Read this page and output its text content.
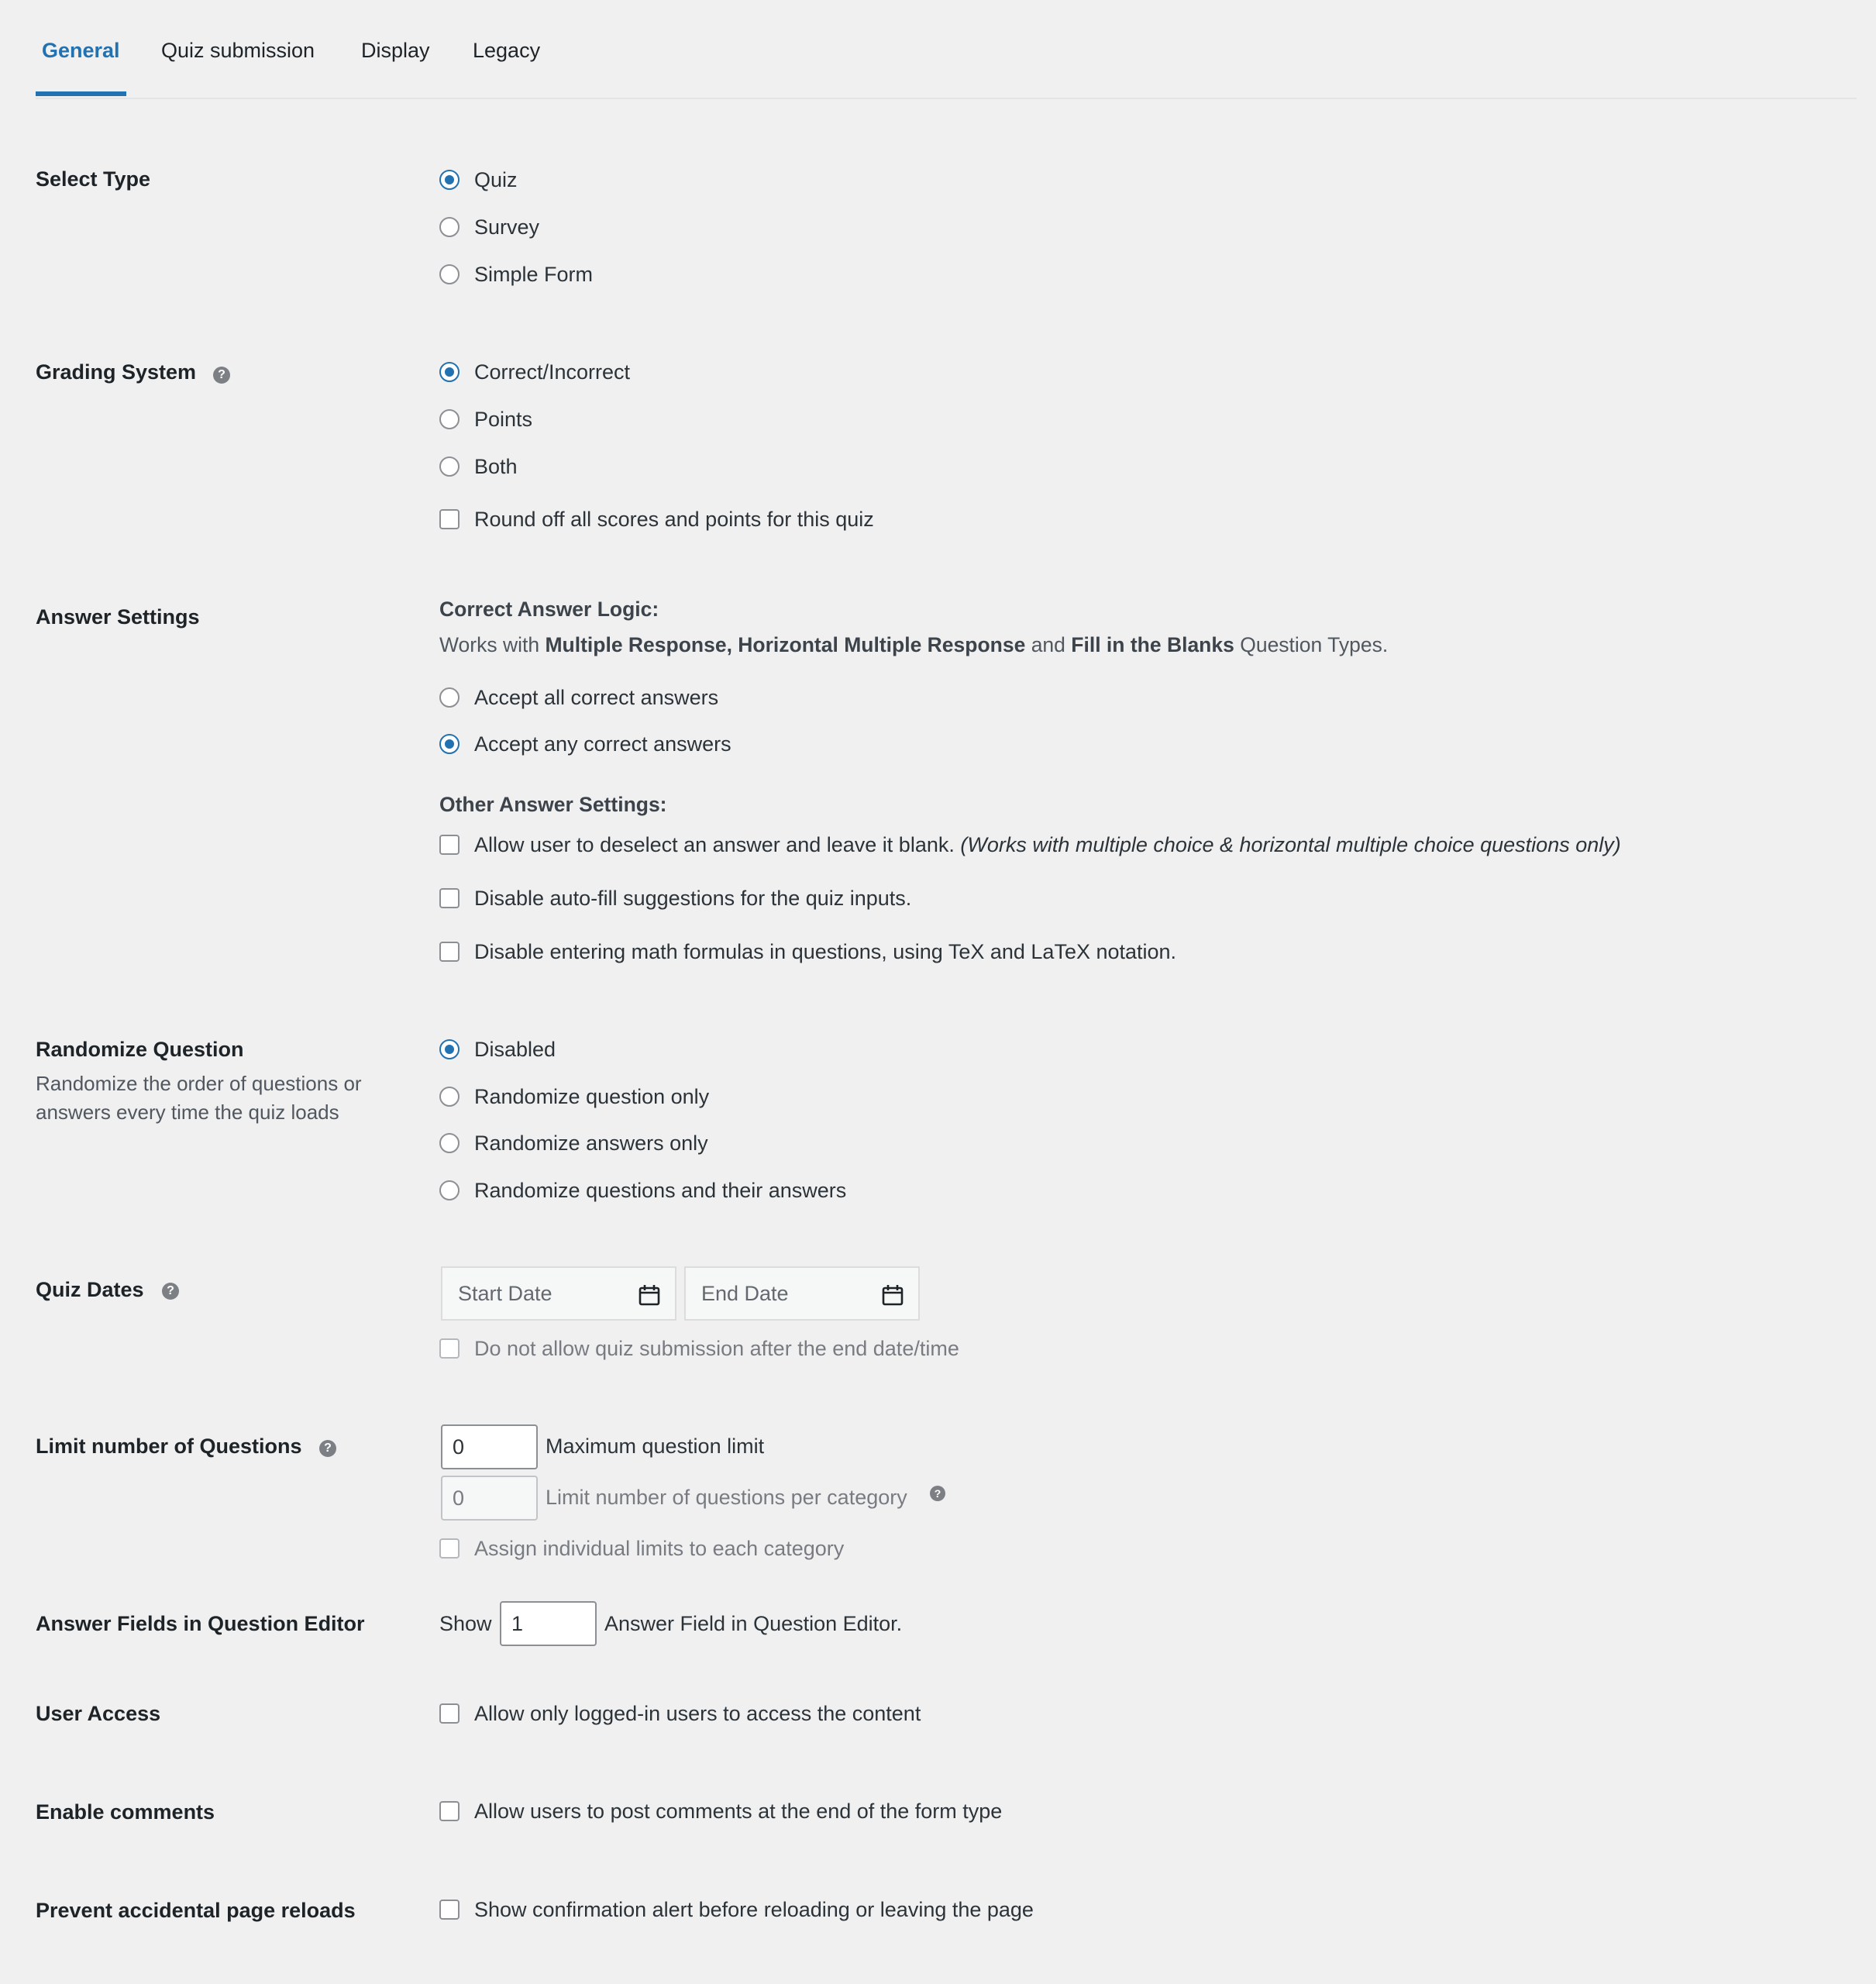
General Quiz submission Display Legacy
Select Type	Quiz
Survey
Simple Form
Grading System	?	Correct/Incorrect
Points
Both
Round off all scores and points for this quiz
Answer Settings	Correct Answer Logic:
Works with Multiple Response, Horizontal Multiple Response and Fill in the Blanks Question Types.
Accept all correct answers
Accept any correct answers
Other Answer Settings:
Allow user to deselect an answer and leave it blank. (Works with multiple choice & horizontal multiple choice questions only)
Disable auto-fill suggestions for the quiz inputs.
Disable entering math formulas in questions, using TeX and LaTeX notation.
Randomize Question
Randomize the order of questions or answers every time the quiz loads
Disabled
Randomize question only
Randomize answers only
Randomize questions and their answers
Quiz Dates	?	Start Date	End Date
Do not allow quiz submission after the end date/time
Limit number of Questions	?	0	Maximum question limit
0	Limit number of questions per category	?
Assign individual limits to each category
Answer Fields in Question Editor	Show 1	Answer Field in Question Editor.
User Access	Allow only logged-in users to access the content
Enable comments	Allow users to post comments at the end of the form type
Prevent accidental page reloads	Show confirmation alert before reloading or leaving the page
